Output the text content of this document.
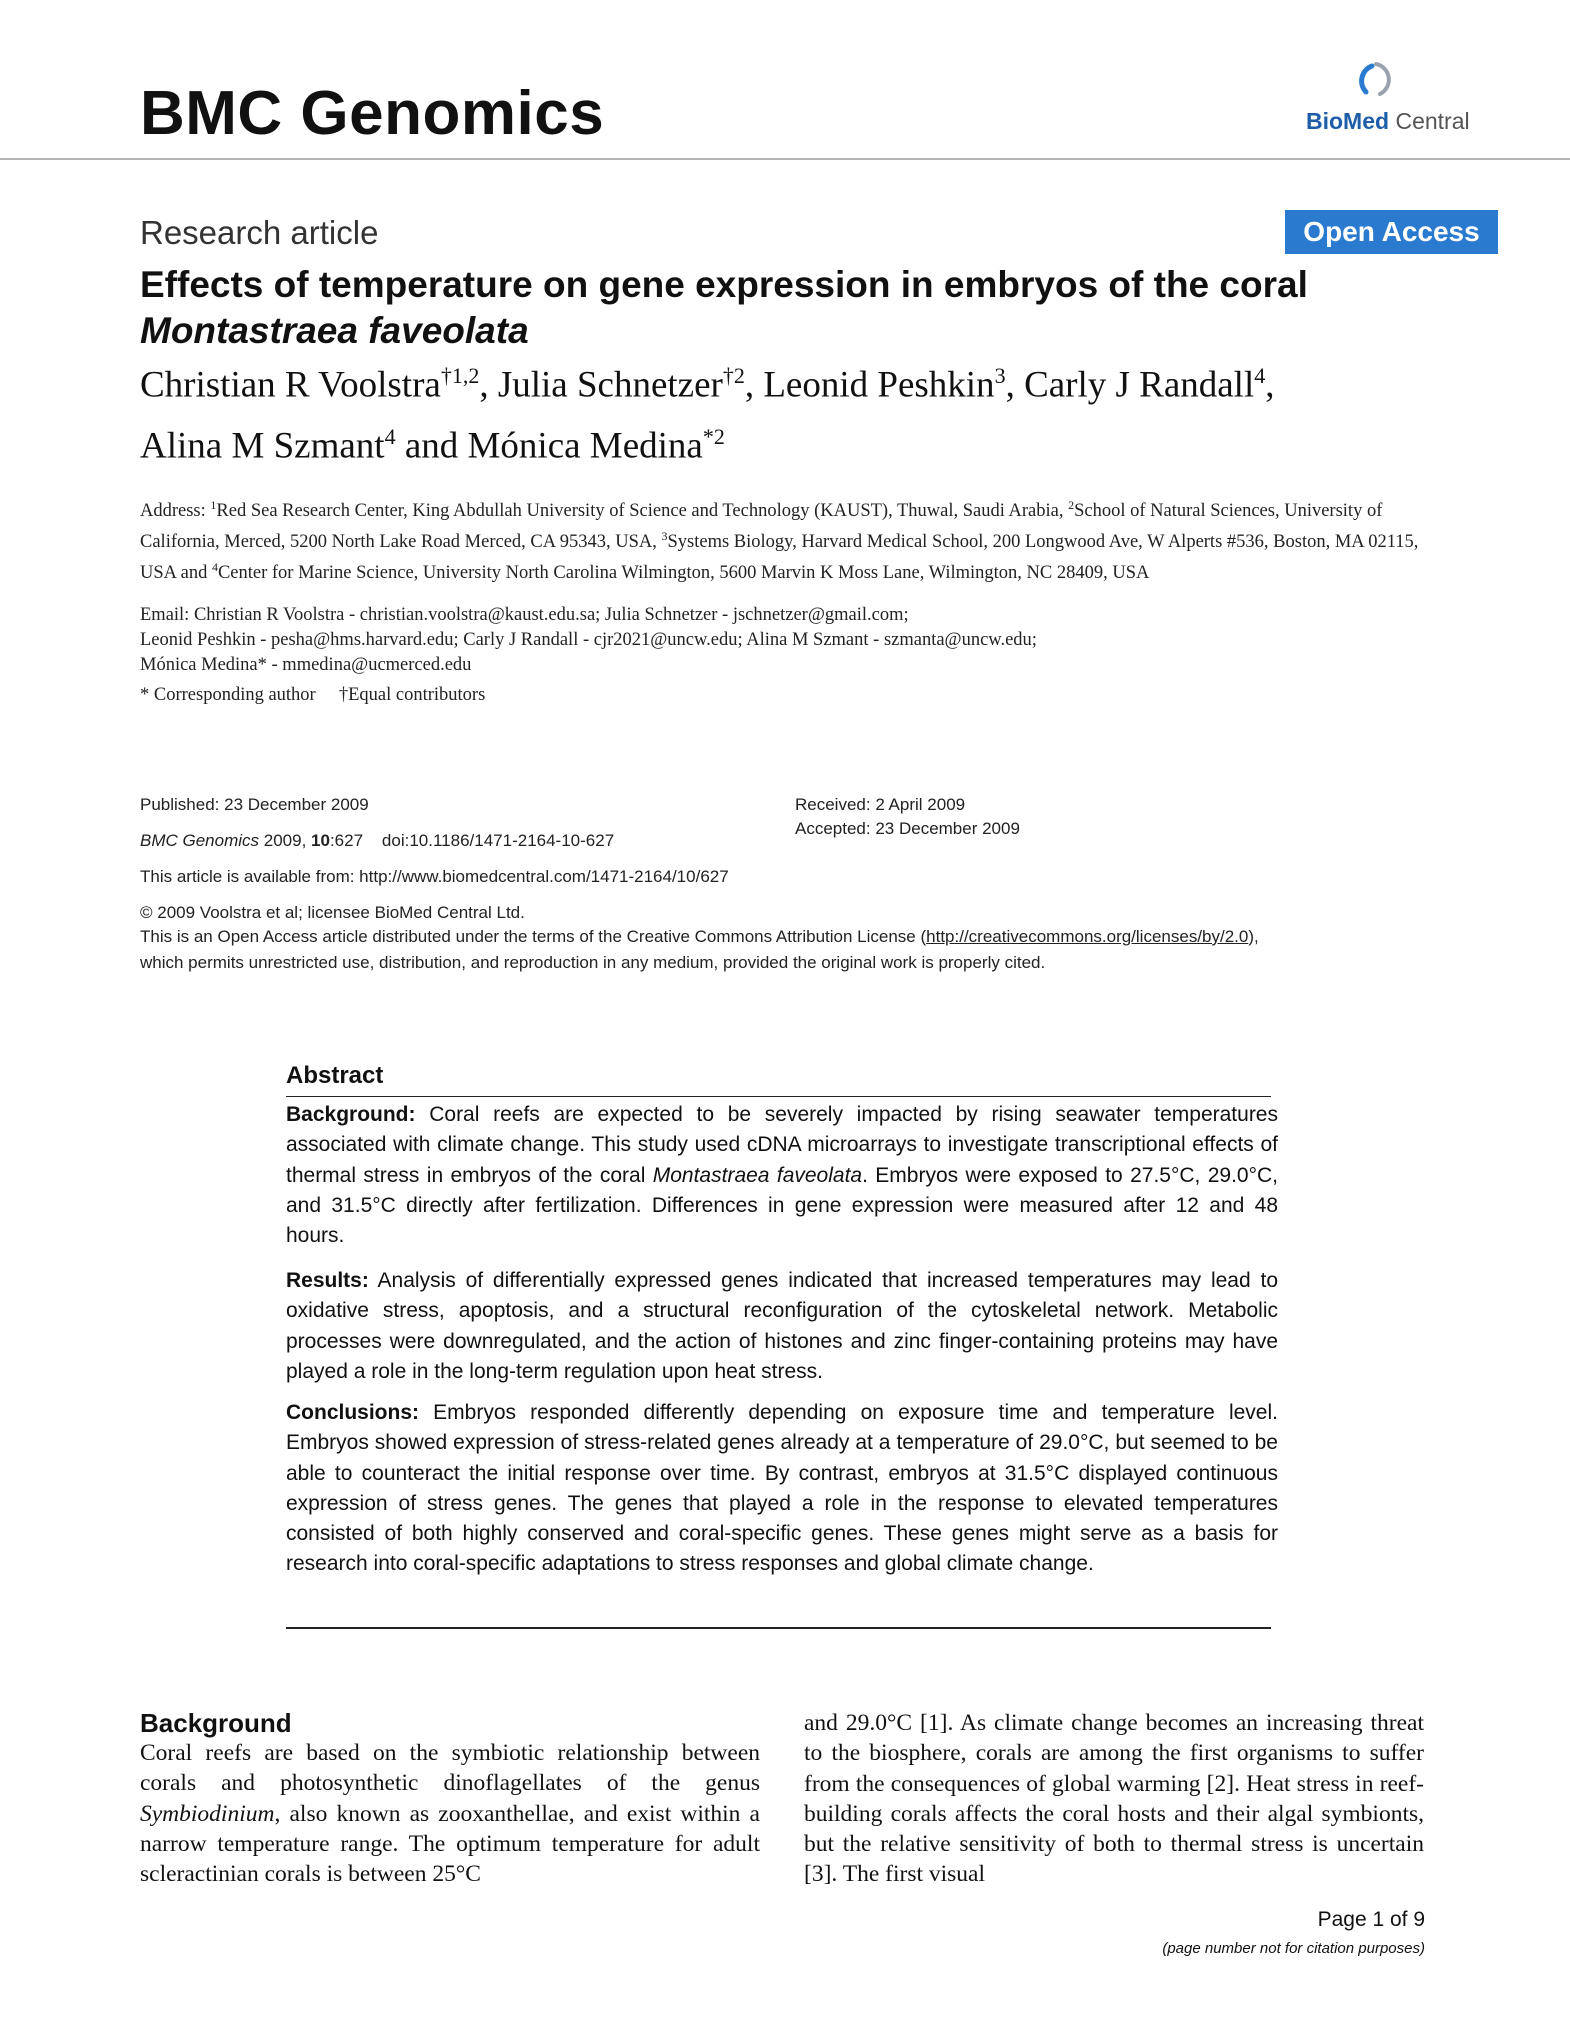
BMC Genomics	BioMed Central
Research article	Open Access
Effects of temperature on gene expression in embryos of the coral
Montastraea faveolata
Christian R Voolstra$^{\dagger 1,2}$, Julia Schnetzer$^{\dagger 2}$, Leonid Peshkin$^3$, Carly J Randall$^4$,
Alina M Szmant$^4$ and Mónica Medina$^{*2}$
Address: $^1$Red Sea Research Center, King Abdullah University of Science and Technology (KAUST), Thuwal, Saudi Arabia, $^2$School of Natural Sciences, University of California, Merced, 5200 North Lake Road Merced, CA 95343, USA, $^3$Systems Biology, Harvard Medical School, 200 Longwood Ave, W Alperts #536, Boston, MA 02115, USA and $^4$Center for Marine Science, University North Carolina Wilmington, 5600 Marvin K Moss Lane, Wilmington, NC 28409, USA
Email: Christian R Voolstra - christian.voolstra@kaust.edu.sa; Julia Schnetzer - jschnetzer@gmail.com;
Leonid Peshkin - pesha@hms.harvard.edu; Carly J Randall - cjr2021@uncw.edu; Alina M Szmant - szmanta@uncw.edu;
Mónica Medina* - mmedina@ucmerced.edu
* Corresponding author †Equal contributors
Published: 23 December 2009
BMC Genomics 2009, 10:627    doi:10.1186/1471-2164-10-627
Received: 2 April 2009
Accepted: 23 December 2009
This article is available from: http://www.biomedcentral.com/1471-2164/10/627
© 2009 Voolstra et al; licensee BioMed Central Ltd.
This is an Open Access article distributed under the terms of the Creative Commons Attribution License (http://creativecommons.org/licenses/by/2.0),
which permits unrestricted use, distribution, and reproduction in any medium, provided the original work is properly cited.
Abstract
Background: Coral reefs are expected to be severely impacted by rising seawater temperatures associated with climate change. This study used cDNA microarrays to investigate transcriptional effects of thermal stress in embryos of the coral Montastraea faveolata. Embryos were exposed to 27.5°C, 29.0°C, and 31.5°C directly after fertilization. Differences in gene expression were measured after 12 and 48 hours.
Results: Analysis of differentially expressed genes indicated that increased temperatures may lead to oxidative stress, apoptosis, and a structural reconfiguration of the cytoskeletal network. Metabolic processes were downregulated, and the action of histones and zinc finger-containing proteins may have played a role in the long-term regulation upon heat stress.
Conclusions: Embryos responded differently depending on exposure time and temperature level. Embryos showed expression of stress-related genes already at a temperature of 29.0°C, but seemed to be able to counteract the initial response over time. By contrast, embryos at 31.5°C displayed continuous expression of stress genes. The genes that played a role in the response to elevated temperatures consisted of both highly conserved and coral-specific genes. These genes might serve as a basis for research into coral-specific adaptations to stress responses and global climate change.
Background
Coral reefs are based on the symbiotic relationship between corals and photosynthetic dinoflagellates of the genus Symbiodinium, also known as zooxanthellae, and exist within a narrow temperature range. The optimum temperature for adult scleractinian corals is between 25°C
and 29.0°C [1]. As climate change becomes an increasing threat to the biosphere, corals are among the first organisms to suffer from the consequences of global warming [2]. Heat stress in reef-building corals affects the coral hosts and their algal symbionts, but the relative sensitivity of both to thermal stress is uncertain [3]. The first visual
Page 1 of 9
(page number not for citation purposes)
